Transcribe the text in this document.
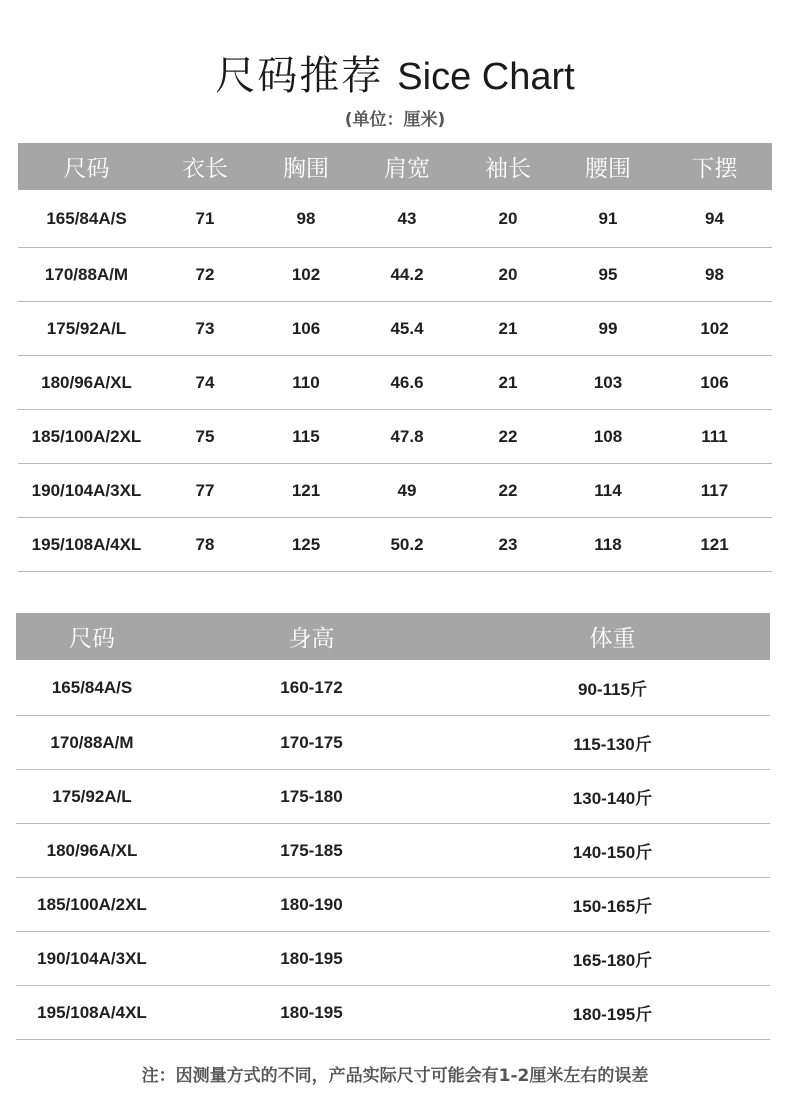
尺码推荐 Sice Chart
(单位：厘米)
尺码	衣长	胸围	肩宽	袖长	腰围	下摆
165/84A/S	71	98	43	20	91	94
170/88A/M	72	102	44.2	20	95	98
175/92A/L	73	106	45.4	21	99	102
180/96A/XL	74	110	46.6	21	103	106
185/100A/2XL	75	115	47.8	22	108	111
190/104A/3XL	77	121	49	22	114	117
195/108A/4XL	78	125	50.2	23	118	121
尺码	身高	体重
165/84A/S	160-172	90-115斤
170/88A/M	170-175	115-130斤
175/92A/L	175-180	130-140斤
180/96A/XL	175-185	140-150斤
185/100A/2XL	180-190	150-165斤
190/104A/3XL	180-195	165-180斤
195/108A/4XL	180-195	180-195斤
注：因测量方式的不同，产品实际尺寸可能会有1-2厘米左右的误差
